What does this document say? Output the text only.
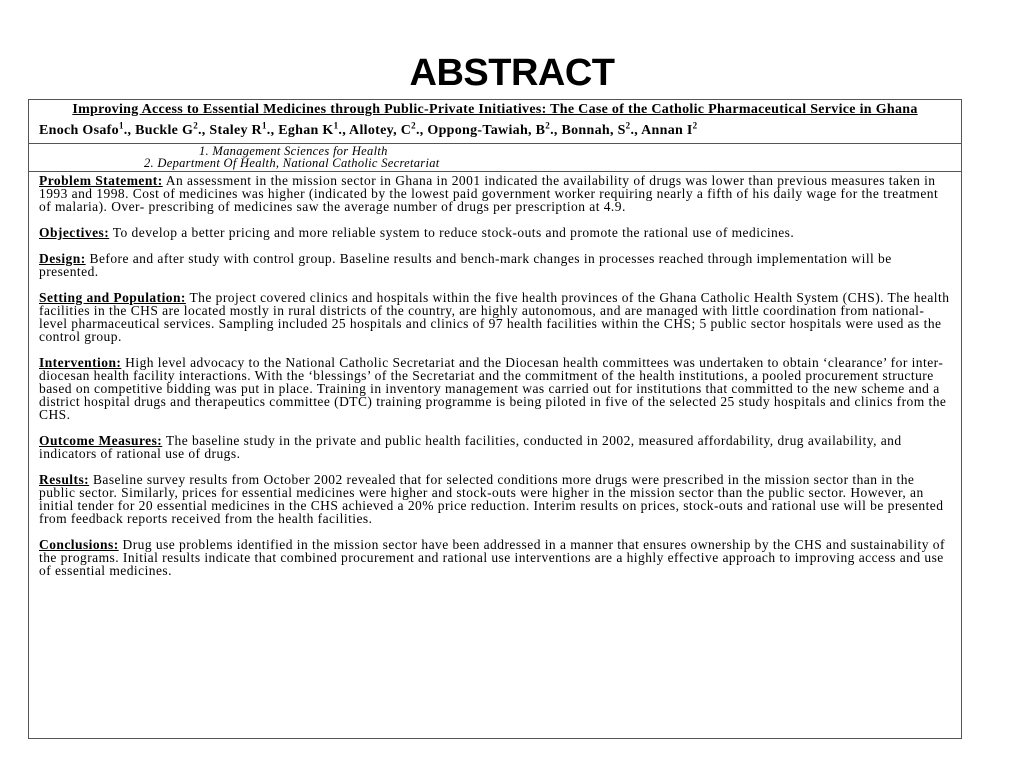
ABSTRACT
Improving Access to Essential Medicines through Public-Private Initiatives: The Case of the Catholic Pharmaceutical Service in Ghana
Enoch Osafo$^1$., Buckle $G^2$., Staley $R^1$., Eghan $K^1$., Allotey, $C^2$., Oppong-Tawiah, $B^2$., Bonnah, $S^2$., Annan $I^2$
1. Management Sciences for Health
2. Department Of Health, National Catholic Secretariat

Problem Statement: An assessment in the mission sector in Ghana in 2001 indicated the availability of drugs was lower than previous measures taken in 1993 and 1998. Cost of medicines was higher (indicated by the lowest paid government worker requiring nearly a fifth of his daily wage for the treatment of malaria). Over- prescribing of medicines saw the average number of drugs per prescription at 4.9.

Objectives: To develop a better pricing and more reliable system to reduce stock-outs and promote the rational use of medicines.

Design: Before and after study with control group. Baseline results and bench-mark changes in processes reached through implementation will be presented.

Setting and Population: The project covered clinics and hospitals within the five health provinces of the Ghana Catholic Health System (CHS). The health facilities in the CHS are located mostly in rural districts of the country, are highly autonomous, and are managed with little coordination from national-level pharmaceutical services. Sampling included 25 hospitals and clinics of 97 health facilities within the CHS; 5 public sector hospitals were used as the control group.

Intervention: High level advocacy to the National Catholic Secretariat and the Diocesan health committees was undertaken to obtain ‘clearance’ for inter-diocesan health facility interactions. With the ‘blessings’ of the Secretariat and the commitment of the health institutions, a pooled procurement structure based on competitive bidding was put in place. Training in inventory management was carried out for institutions that committed to the new scheme and a district hospital drugs and therapeutics committee (DTC) training programme is being piloted in five of the selected 25 study hospitals and clinics from the CHS.

Outcome Measures: The baseline study in the private and public health facilities, conducted in 2002, measured affordability, drug availability, and indicators of rational use of drugs.

Results: Baseline survey results from October 2002 revealed that for selected conditions more drugs were prescribed in the mission sector than in the public sector. Similarly, prices for essential medicines were higher and stock-outs were higher in the mission sector than the public sector. However, an initial tender for 20 essential medicines in the CHS achieved a 20% price reduction. Interim results on prices, stock-outs and rational use will be presented from feedback reports received from the health facilities.

Conclusions: Drug use problems identified in the mission sector have been addressed in a manner that ensures ownership by the CHS and sustainability of the programs. Initial results indicate that combined procurement and rational use interventions are a highly effective approach to improving access and use of essential medicines.
